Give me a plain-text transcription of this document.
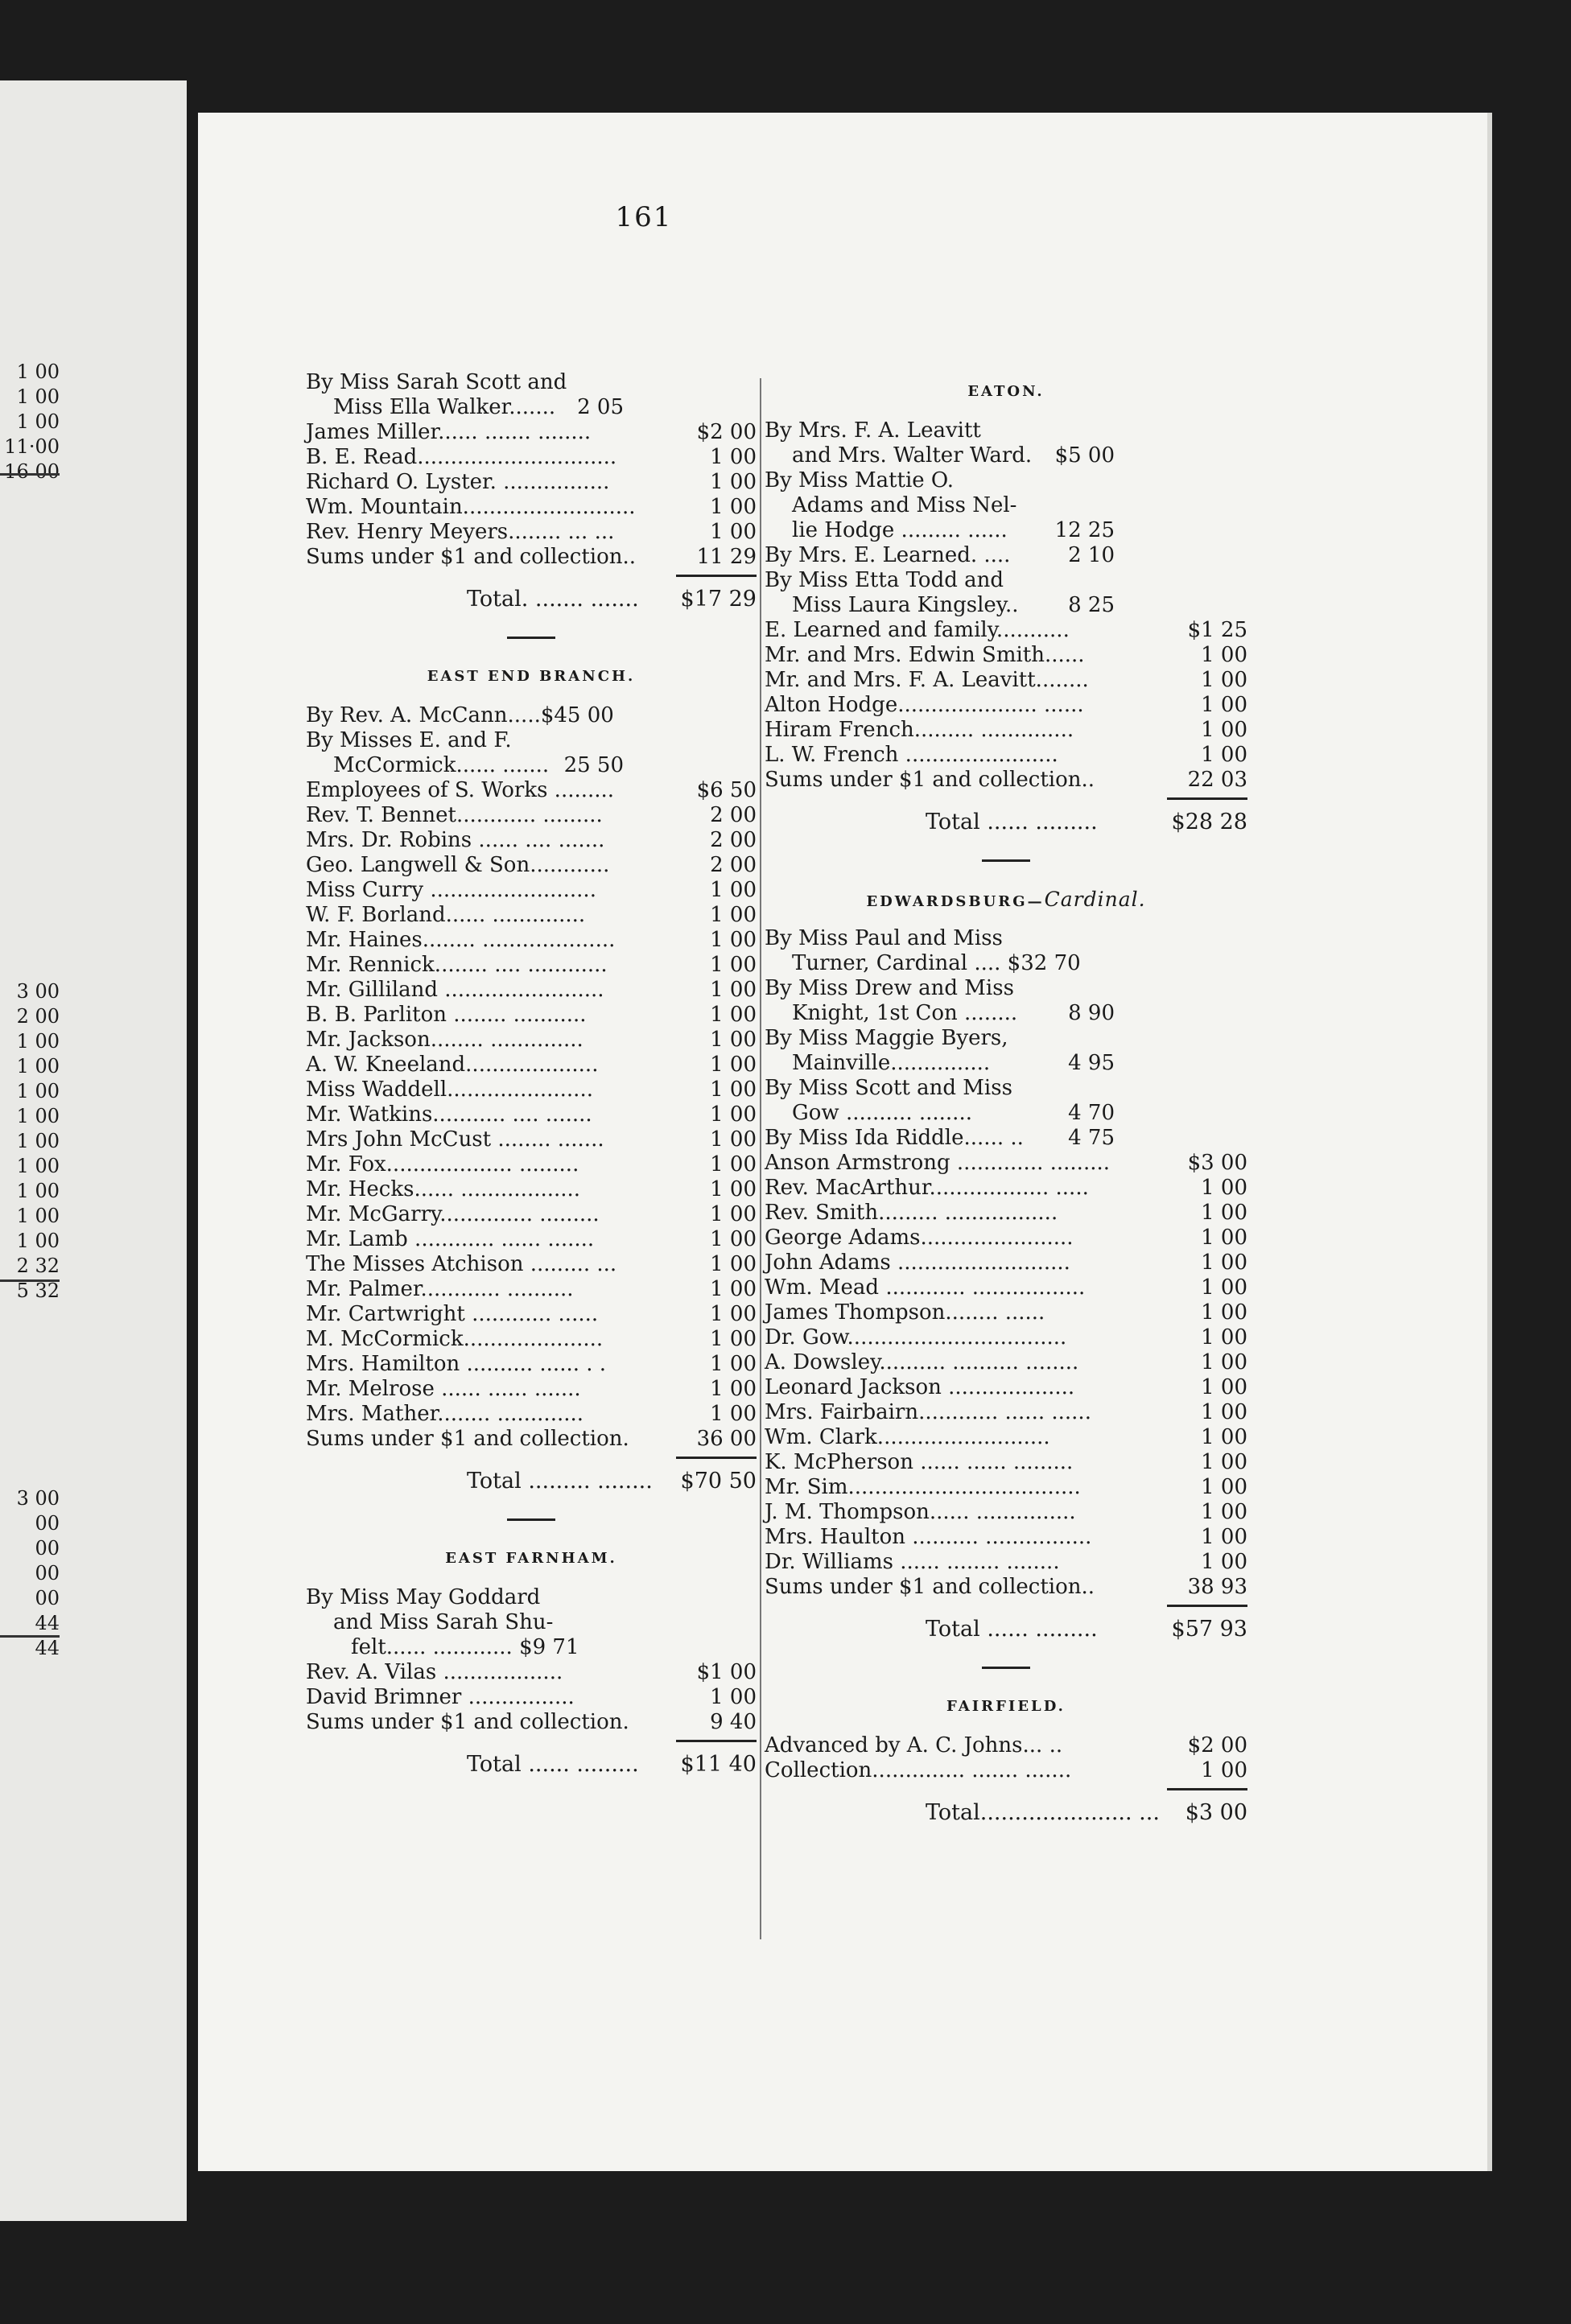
1 00
1 00
1 00
11·00
16 00
3 00
2 00
1 00
1 00
1 00
1 00
1 00
1 00
1 00
1 00
1 00
2 32
5 32
3 00
00
00
00
00
44
44
161
By Miss Sarah Scott and
Miss Ella Walker....... 2 05
James Miller...... ....... ........	$2 00
B. E. Read..............................	1 00
Richard O. Lyster. ................	1 00
Wm. Mountain..........................	1 00
Rev. Henry Meyers........ ... ...	1 00
Sums under $1 and collection..	11 29
Total. ....... ....... $17 29
EAST END BRANCH.
By Rev. A. McCann.....$45 00
By Misses E. and F.
McCormick...... ....... 25 50
Employees of S. Works .........	$6 50
Rev. T. Bennet............ .........	2 00
Mrs. Dr. Robins ...... .... .......	2 00
Geo. Langwell & Son............	2 00
Miss Curry .........................	1 00
W. F. Borland...... ..............	1 00
Mr. Haines........ ....................	1 00
Mr. Rennick........ .... ............	1 00
Mr. Gilliland ........................	1 00
B. B. Parliton ........ ...........	1 00
Mr. Jackson........ ..............	1 00
A. W. Kneeland....................	1 00
Miss Waddell......................	1 00
Mr. Watkins........... .... .......	1 00
Mrs John McCust ........ .......	1 00
Mr. Fox................... .........	1 00
Mr. Hecks...... ..................	1 00
Mr. McGarry.............. .........	1 00
Mr. Lamb ............ ...... .......	1 00
The Misses Atchison ......... ...	1 00
Mr. Palmer............ ..........	1 00
Mr. Cartwright ............ ......	1 00
M. McCormick.....................	1 00
Mrs. Hamilton .......... ...... . .	1 00
Mr. Melrose ...... ...... .......	1 00
Mrs. Mather........ .............	1 00
Sums under $1 and collection.	36 00
Total ......... ........ $70 50
EAST FARNHAM.
By Miss May Goddard
and Miss Sarah Shu-
felt...... ............ $9 71
Rev. A. Vilas ..................	$1 00
David Brimner ................	1 00
Sums under $1 and collection.	9 40
Total ...... ......... $11 40
EATON.
By Mrs. F. A. Leavitt
and Mrs. Walter Ward. $5 00
By Miss Mattie O.
Adams and Miss Nel-
lie Hodge ......... ...... 12 25
By Mrs. E. Learned. ....	2 10
By Miss Etta Todd and
Miss Laura Kingsley.. 8 25
E. Learned and family...........	$1 25
Mr. and Mrs. Edwin Smith......	1 00
Mr. and Mrs. F. A. Leavitt........	1 00
Alton Hodge..................... ......	1 00
Hiram French......... ..............	1 00
L. W. French .......................	1 00
Sums under $1 and collection..	22 03
Total ...... .........	$28 28
EDWARDSBURG—Cardinal.
By Miss Paul and Miss
Turner, Cardinal .... $32 70
By Miss Drew and Miss
Knight, 1st Con ........ 8 90
By Miss Maggie Byers,
Mainville...............	4 95
By Miss Scott and Miss
Gow .......... ........	4 70
By Miss Ida Riddle...... .. 4 75
Anson Armstrong ............. .........	$3 00
Rev. MacArthur.................. .....	1 00
Rev. Smith......... .................	1 00
George Adams.......................	1 00
John Adams ..........................	1 00
Wm. Mead ............ .................	1 00
James Thompson........ ......	1 00
Dr. Gow.................................	1 00
A. Dowsley.......... .......... ........	1 00
Leonard Jackson ...................	1 00
Mrs. Fairbairn............ ...... ......	1 00
Wm. Clark..........................	1 00
K. McPherson ...... ...... .........	1 00
Mr. Sim...................................	1 00
J. M. Thompson...... ...............	1 00
Mrs. Haulton .......... ................	1 00
Dr. Williams ...... ........ ........	1 00
Sums under $1 and collection..	38 93
Total ...... .........	$57 93
FAIRFIELD.
Advanced by A. C. Johns... ..	$2 00
Collection.............. ....... .......	1 00
Total...................... ... $3 00
